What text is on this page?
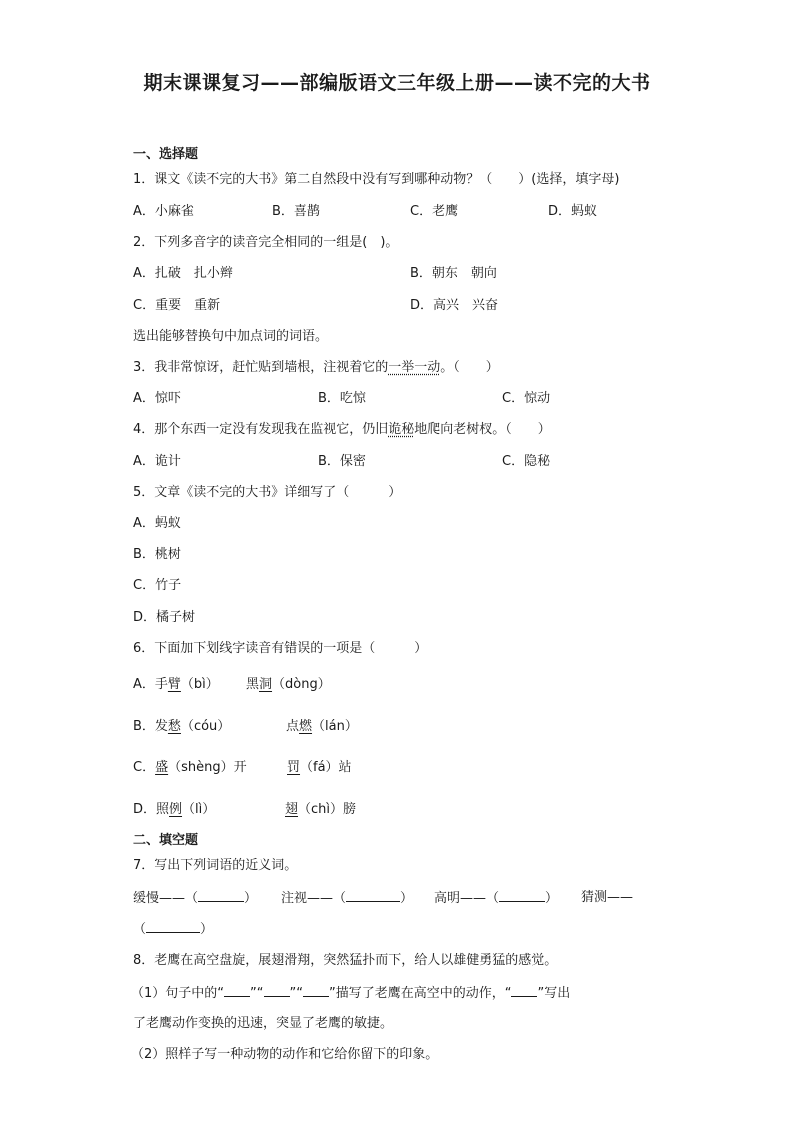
期末课课复习——部编版语文三年级上册——读不完的大书
一、选择题
1．课文《读不完的大书》第二自然段中没有写到哪种动物？（　　）(选择，填字母)
A．小麻雀	B．喜鹊	C．老鹰	D．蚂蚁
2．下列多音字的读音完全相同的一组是(　)。
A．扎破　扎小辫	B．朝东　朝向
C．重要　重新	D．高兴　兴奋
选出能够替换句中加点词的词语。
3．我非常惊讶，赶忙贴到墙根，注视着它的一举一动。（　　）
A．惊吓	B．吃惊	C．惊动
4．那个东西一定没有发现我在监视它，仍旧诡秘地爬向老树杈。（　　）
A．诡计	B．保密	C．隐秘
5．文章《读不完的大书》详细写了（　　　）
A．蚂蚁
B．桃树
C．竹子
D．橘子树
6．下面加下划线字读音有错误的一项是（　　　）
A．手臂（bì） 黑洞（dòng）
B．发愁（cóu）	点燃（lán）
C．盛（shèng）开	罚（fá）站
D．照例（lì）	翅（chì）膀
二、填空题
7．写出下列词语的近义词。
缓慢——（	） 注视——（	） 高明——（	） 猜测——
（	）
8．老鹰在高空盘旋，展翅滑翔，突然猛扑而下，给人以雄健勇猛的感觉。
（1）句子中的“ ”“ ”“ ”描写了老鹰在高空中的动作，“ ”写出
了老鹰动作变换的迅速，突显了老鹰的敏捷。
（2）照样子写一种动物的动作和它给你留下的印象。
